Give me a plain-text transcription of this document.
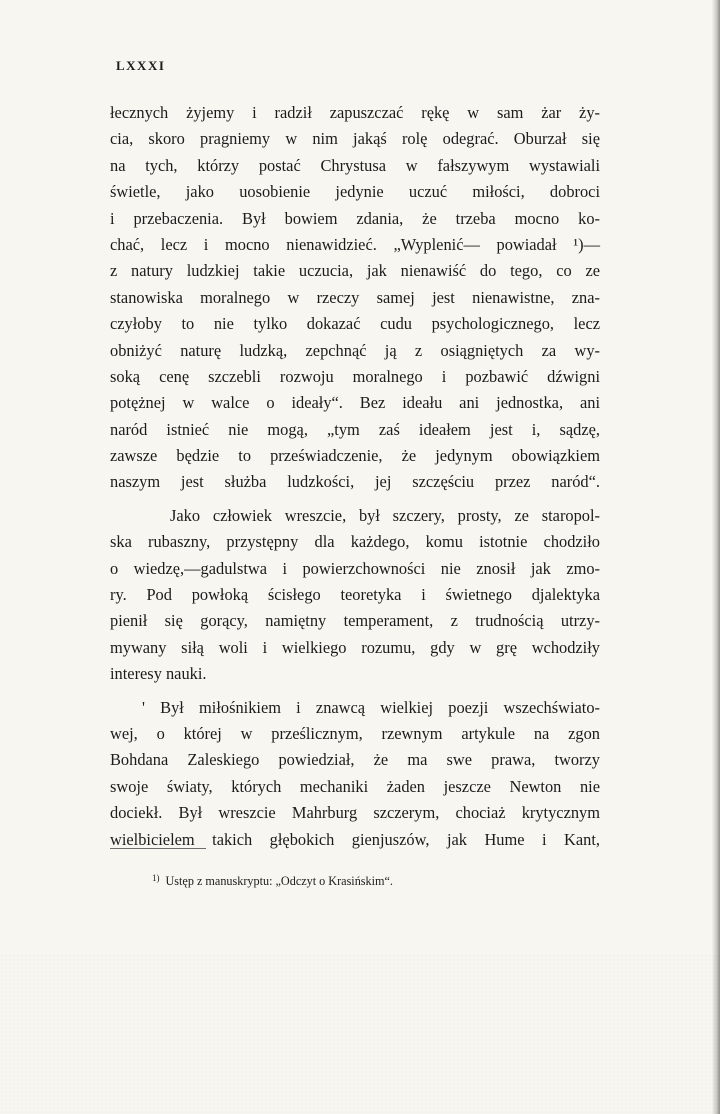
LXXXI
łecznych żyjemy i radził zapuszczać rękę w sam żar ży-
cia, skoro pragniemy w nim jakąś rolę odegrać. Oburzał się
na tych, którzy postać Chrystusa w fałszywym wystawiali
świetle, jako uosobienie jedynie uczuć miłości, dobroci
i przebaczenia. Był bowiem zdania, że trzeba mocno ko-
chać, lecz i mocno nienawidzieć. „Wyplenić— powiadał ¹)—
z natury ludzkiej takie uczucia, jak nienawiść do tego, co ze
stanowiska moralnego w rzeczy samej jest nienawistne, zna-
czyłoby to nie tylko dokazać cudu psychologicznego, lecz
obniżyć naturę ludzką, zepchnąć ją z osiągniętych za wy-
soką cenę szczebli rozwoju moralnego i pozbawić dźwigni
potężnej w walce o ideały“. Bez ideału ani jednostka, ani
naród istnieć nie mogą, „tym zaś ideałem jest i, sądzę,
zawsze będzie to przeświadczenie, że jedynym obowiązkiem
naszym jest służba ludzkości, jej szczęściu przez naród“.
Jako człowiek wreszcie, był szczery, prosty, ze staropol-
ska rubaszny, przystępny dla każdego, komu istotnie chodziło
o wiedzę,—gadulstwa i powierzchowności nie znosił jak zmo-
ry. Pod powłoką ścisłego teoretyka i świetnego djalektyka
pienił się gorący, namiętny temperament, z trudnością utrzy-
mywany siłą woli i wielkiego rozumu, gdy w grę wchodziły
interesy nauki.
' Był miłośnikiem i znawcą wielkiej poezji wszechświato-
wej, o której w prześlicznym, rzewnym artykule na zgon
Bohdana Zaleskiego powiedział, że ma swe prawa, tworzy
swoje światy, których mechaniki żaden jeszcze Newton nie
dociekł. Był wreszcie Mahrburg szczerym, chociaż krytycznym
wielbicielem takich głębokich gienjuszów, jak Hume i Kant,
$^{1)}$ Ustęp z manuskryptu: „Odczyt o Krasińskim“.
